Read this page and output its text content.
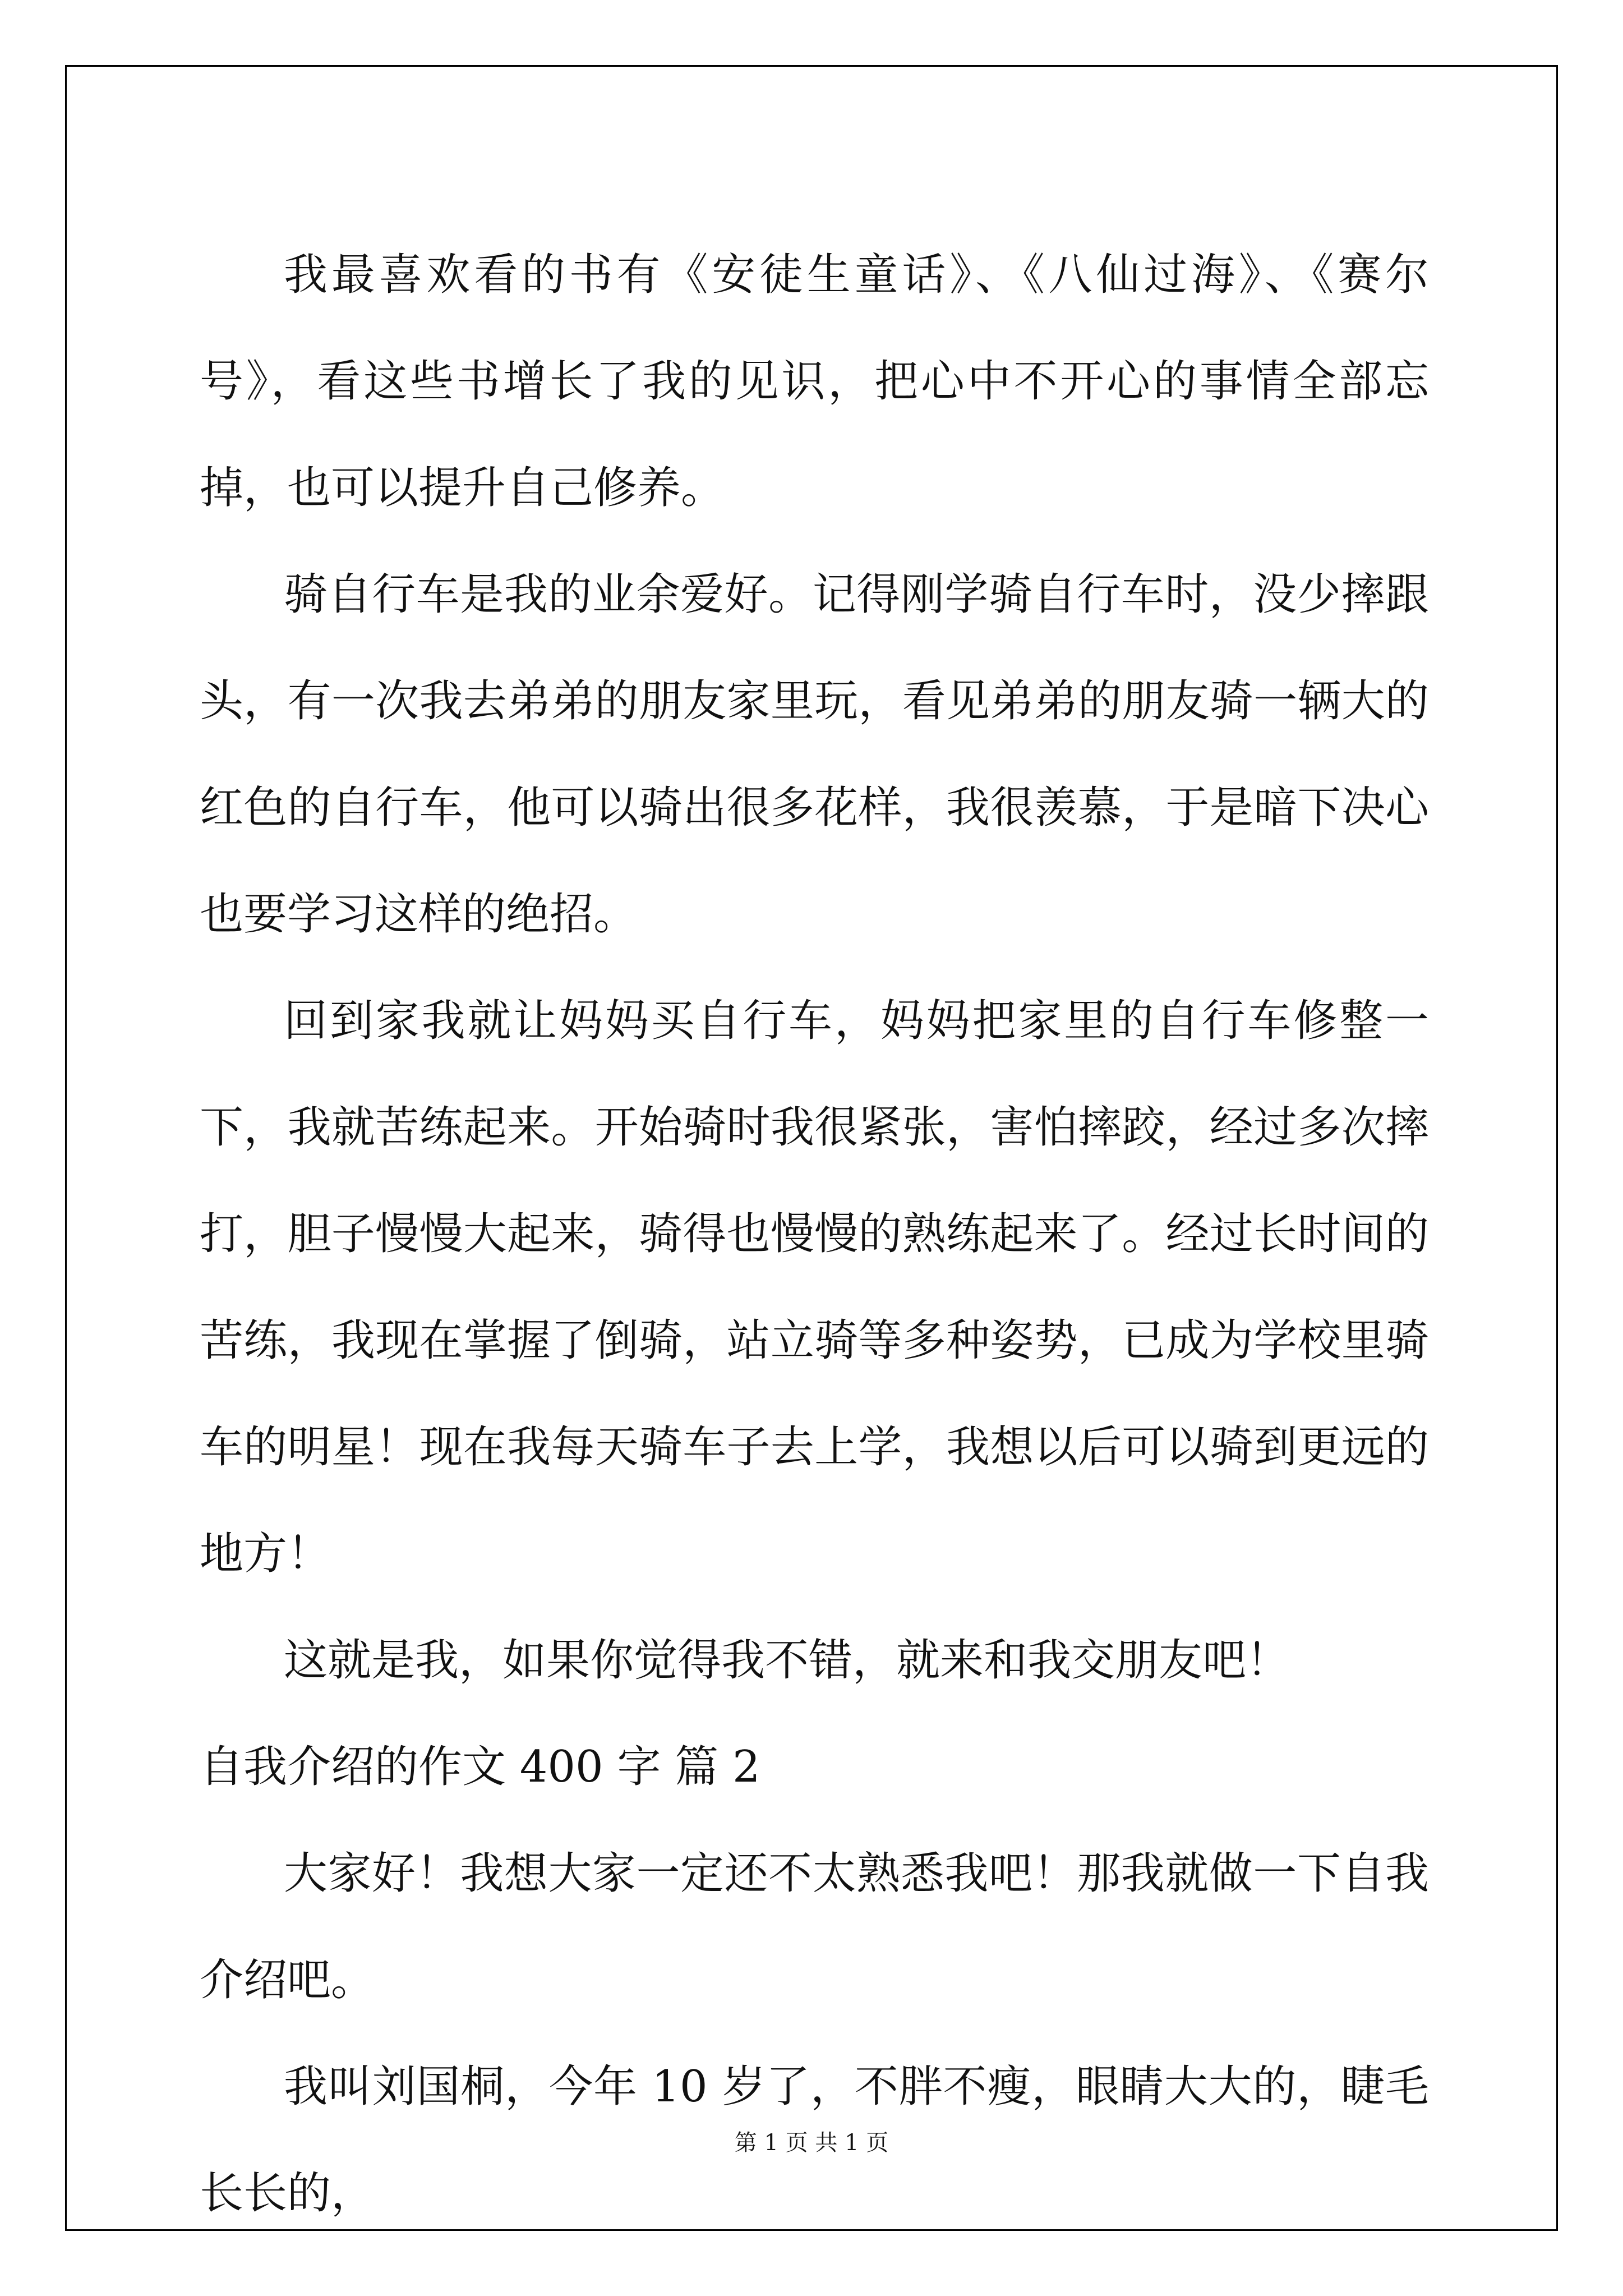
我最喜欢看的书有《安徒生童话》、《八仙过海》、《赛尔号》，看这些书增长了我的见识，把心中不开心的事情全部忘掉，也可以提升自己修养。

骑自行车是我的业余爱好。记得刚学骑自行车时，没少摔跟头，有一次我去弟弟的朋友家里玩，看见弟弟的朋友骑一辆大的红色的自行车，他可以骑出很多花样，我很羡慕，于是暗下决心也要学习这样的绝招。

回到家我就让妈妈买自行车，妈妈把家里的自行车修整一下，我就苦练起来。开始骑时我很紧张，害怕摔跤，经过多次摔打，胆子慢慢大起来，骑得也慢慢的熟练起来了。经过长时间的苦练，我现在掌握了倒骑，站立骑等多种姿势，已成为学校里骑车的明星！现在我每天骑车子去上学，我想以后可以骑到更远的地方！

这就是我，如果你觉得我不错，就来和我交朋友吧！

自我介绍的作文 400 字 篇 2

大家好！我想大家一定还不太熟悉我吧！那我就做一下自我介绍吧。

我叫刘国桐，今年 10 岁了，不胖不瘦，眼睛大大的，睫毛长长的，

第 1 页 共 1 页
